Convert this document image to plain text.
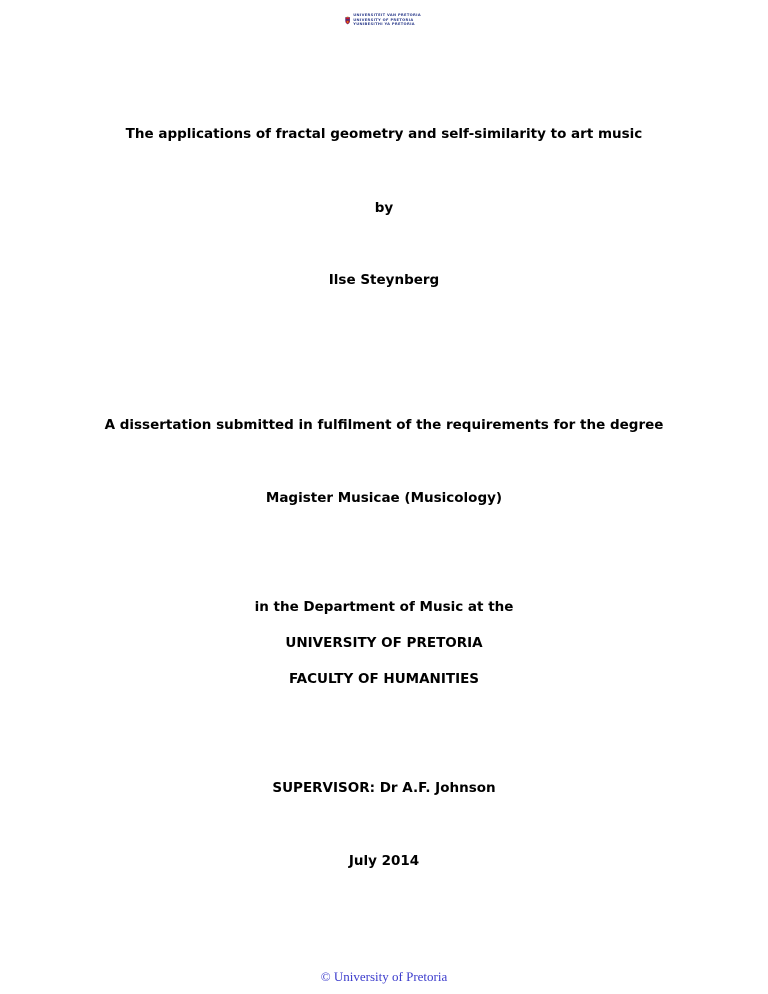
UNIVERSITEIT VAN PRETORIA
UNIVERSITY OF PRETORIA
YUNIBESITHI YA PRETORIA

The applications of fractal geometry and self-similarity to art music

by

Ilse Steynberg

A dissertation submitted in fulfilment of the requirements for the degree

Magister Musicae (Musicology)

in the Department of Music at the

UNIVERSITY OF PRETORIA

FACULTY OF HUMANITIES

SUPERVISOR: Dr A.F. Johnson

July 2014

© University of Pretoria
